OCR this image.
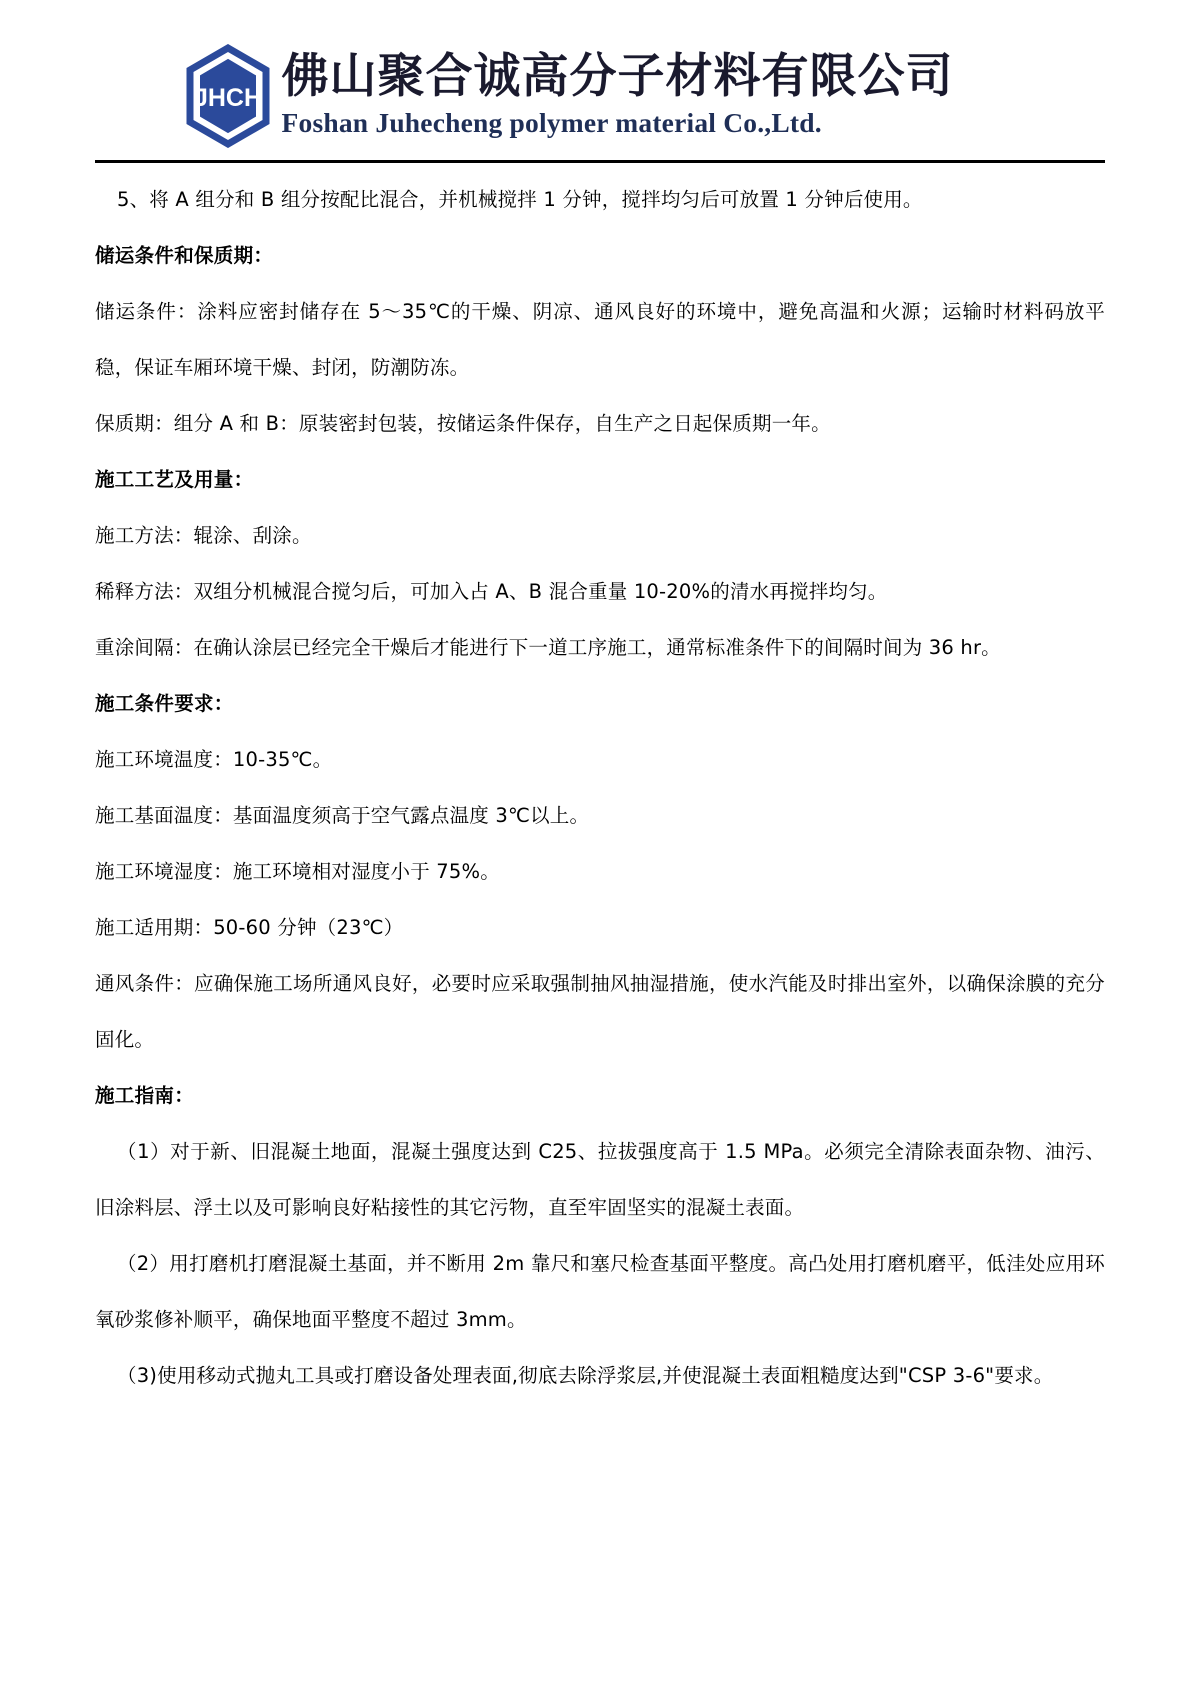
JHCH 佛山聚合诚高分子材料有限公司
Foshan Juhecheng polymer material Co.,Ltd.

5、将 A 组分和 B 组分按配比混合，并机械搅拌 1 分钟，搅拌均匀后可放置 1 分钟后使用。

储运条件和保质期：

储运条件：涂料应密封储存在 5～35℃的干燥、阴凉、通风良好的环境中，避免高温和火源；运输时材料码放平稳，保证车厢环境干燥、封闭，防潮防冻。

保质期：组分 A 和 B：原装密封包装，按储运条件保存，自生产之日起保质期一年。

施工工艺及用量：

施工方法：辊涂、刮涂。

稀释方法：双组分机械混合搅匀后，可加入占 A、B 混合重量 10-20%的清水再搅拌均匀。

重涂间隔：在确认涂层已经完全干燥后才能进行下一道工序施工，通常标准条件下的间隔时间为 36 hr。

施工条件要求：

施工环境温度：10-35℃。

施工基面温度：基面温度须高于空气露点温度 3℃以上。

施工环境湿度：施工环境相对湿度小于 75%。

施工适用期：50-60 分钟（23℃）

通风条件：应确保施工场所通风良好，必要时应采取强制抽风抽湿措施，使水汽能及时排出室外，以确保涂膜的充分固化。

施工指南：

（1）对于新、旧混凝土地面，混凝土强度达到 C25、拉拔强度高于 1.5 MPa。必须完全清除表面杂物、油污、旧涂料层、浮土以及可影响良好粘接性的其它污物，直至牢固坚实的混凝土表面。

（2）用打磨机打磨混凝土基面，并不断用 2m 靠尺和塞尺检查基面平整度。高凸处用打磨机磨平，低洼处应用环氧砂浆修补顺平，确保地面平整度不超过 3mm。

（3)使用移动式抛丸工具或打磨设备处理表面,彻底去除浮浆层,并使混凝土表面粗糙度达到"CSP 3-6"要求。
